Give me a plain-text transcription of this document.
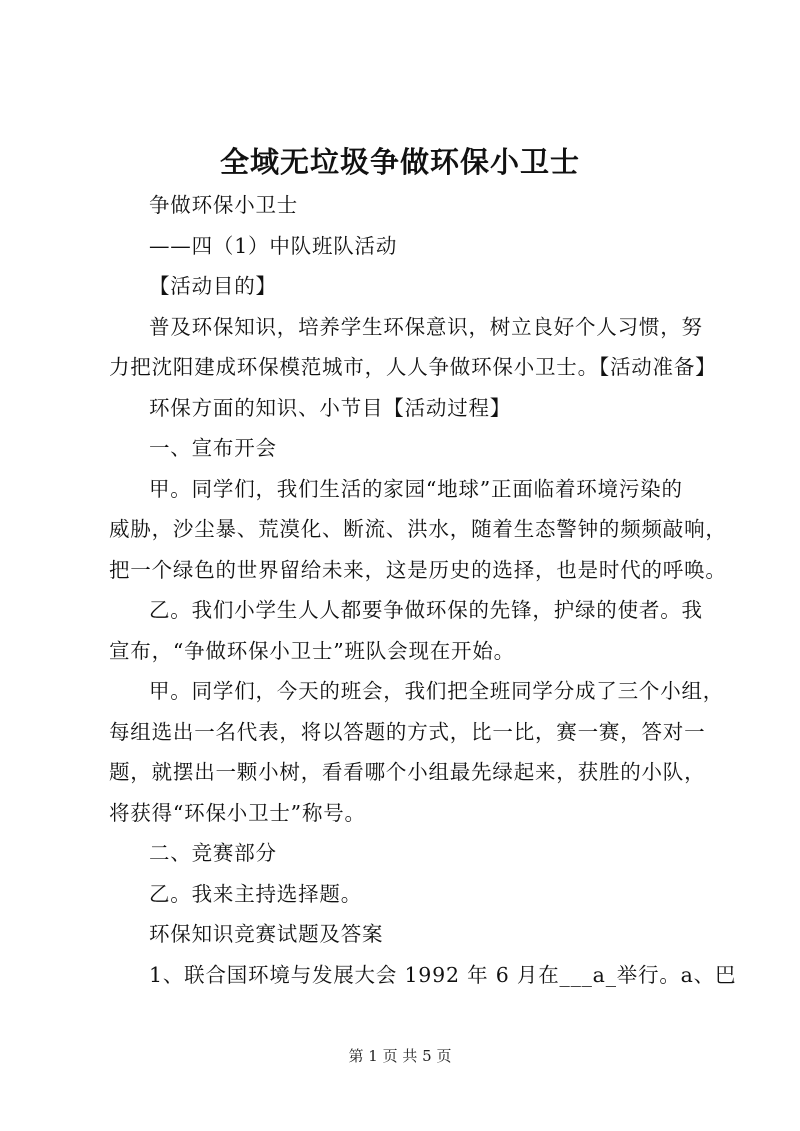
全域无垃圾争做环保小卫士

争做环保小卫士

——四（1）中队班队活动

【活动目的】

普及环保知识，培养学生环保意识，树立良好个人习惯，努

力把沈阳建成环保模范城市，人人争做环保小卫士。【活动准备】

环保方面的知识、小节目【活动过程】

一、宣布开会

甲。同学们，我们生活的家园“地球”正面临着环境污染的

威胁，沙尘暴、荒漠化、断流、洪水，随着生态警钟的频频敲响，

把一个绿色的世界留给未来，这是历史的选择，也是时代的呼唤。

乙。我们小学生人人都要争做环保的先锋，护绿的使者。我

宣布，“争做环保小卫士”班队会现在开始。

甲。同学们，今天的班会，我们把全班同学分成了三个小组，

每组选出一名代表，将以答题的方式，比一比，赛一赛，答对一

题，就摆出一颗小树，看看哪个小组最先绿起来，获胜的小队，

将获得“环保小卫士”称号。

二、竞赛部分

乙。我来主持选择题。

环保知识竞赛试题及答案

1、联合国环境与发展大会 1992 年 6 月在___a_举行。a、巴

第 1 页 共 5 页
